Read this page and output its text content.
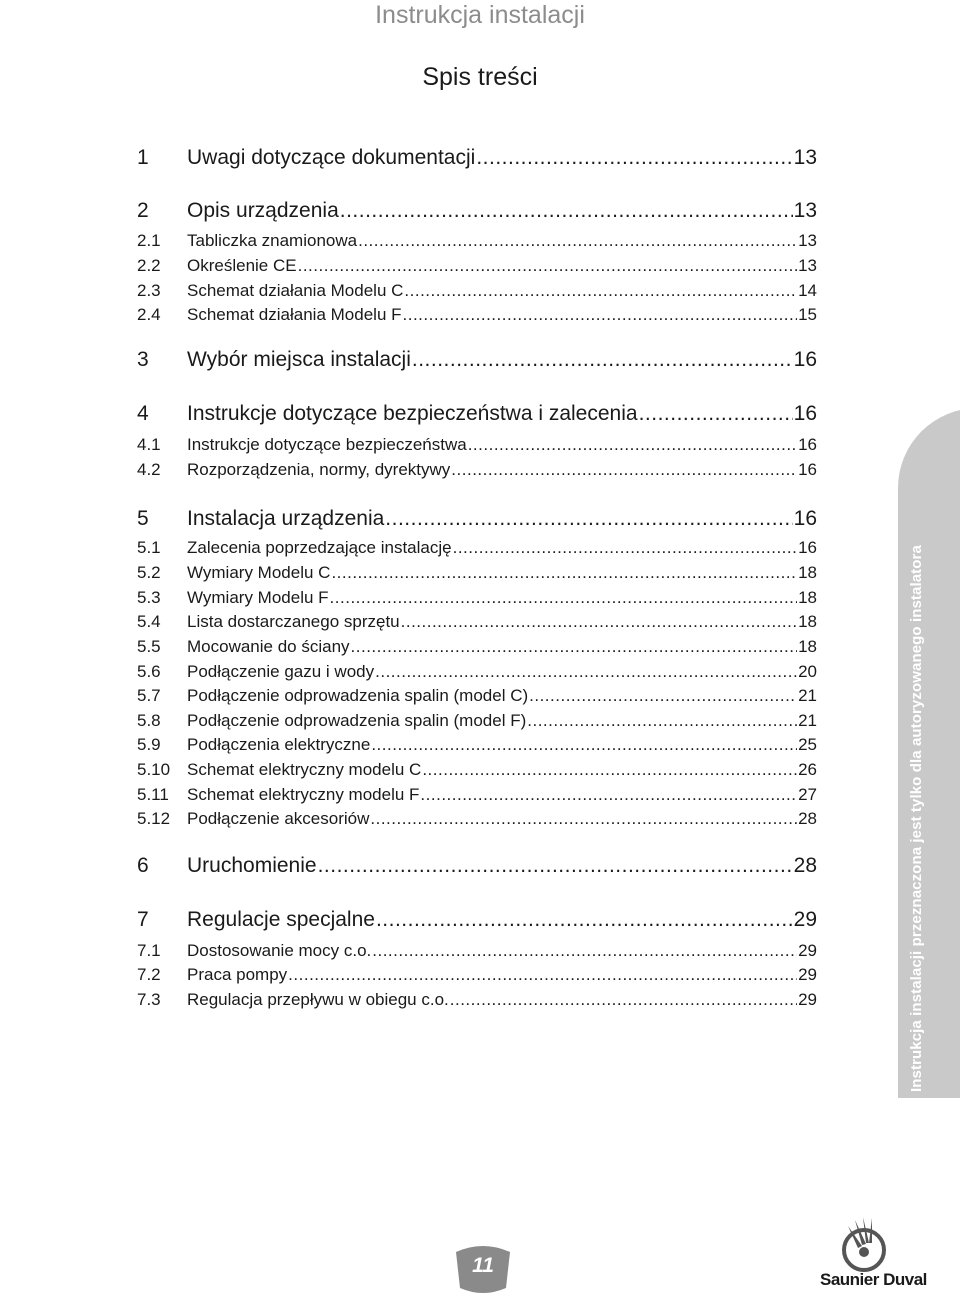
Instrukcja instalacji
Spis treści
1	Uwagi dotyczące dokumentacji .....	13
2	Opis urządzenia .....	13
2.1	Tabliczka znamionowa .....	13
2.2	Określenie CE .....	13
2.3	Schemat działania Modelu C .....	14
2.4	Schemat działania Modelu F .....	15
3	Wybór miejsca instalacji .....	16
4	Instrukcje dotyczące bezpieczeństwa i zalecenia .....	16
4.1	Instrukcje dotyczące bezpieczeństwa .....	16
4.2	Rozporządzenia, normy, dyrektywy .....	16
5	Instalacja urządzenia .....	16
5.1	Zalecenia poprzedzające instalację .....	16
5.2	Wymiary Modelu C .....	18
5.3	Wymiary Modelu F .....	18
5.4	Lista dostarczanego sprzętu .....	18
5.5	Mocowanie do ściany .....	18
5.6	Podłączenie gazu i wody .....	20
5.7	Podłączenie odprowadzenia spalin (model C) .....	21
5.8	Podłączenie odprowadzenia spalin (model F) .....	21
5.9	Podłączenia elektryczne .....	25
5.10 Schemat elektryczny modelu C .....	26
5.11	Schemat elektryczny modelu F .....	27
5.12 Podłączenie akcesoriów .....	28
6	Uruchomienie .....	28
7	Regulacje specjalne .....	29
7.1	Dostosowanie mocy c.o. .....	29
7.2	Praca pompy .....	29
7.3	Regulacja przepływu w obiegu c.o. .....	29	Instrukcja instalacji przeznaczona jest tylko dla autoryzowanego instalatora
Saunier Duval
11
